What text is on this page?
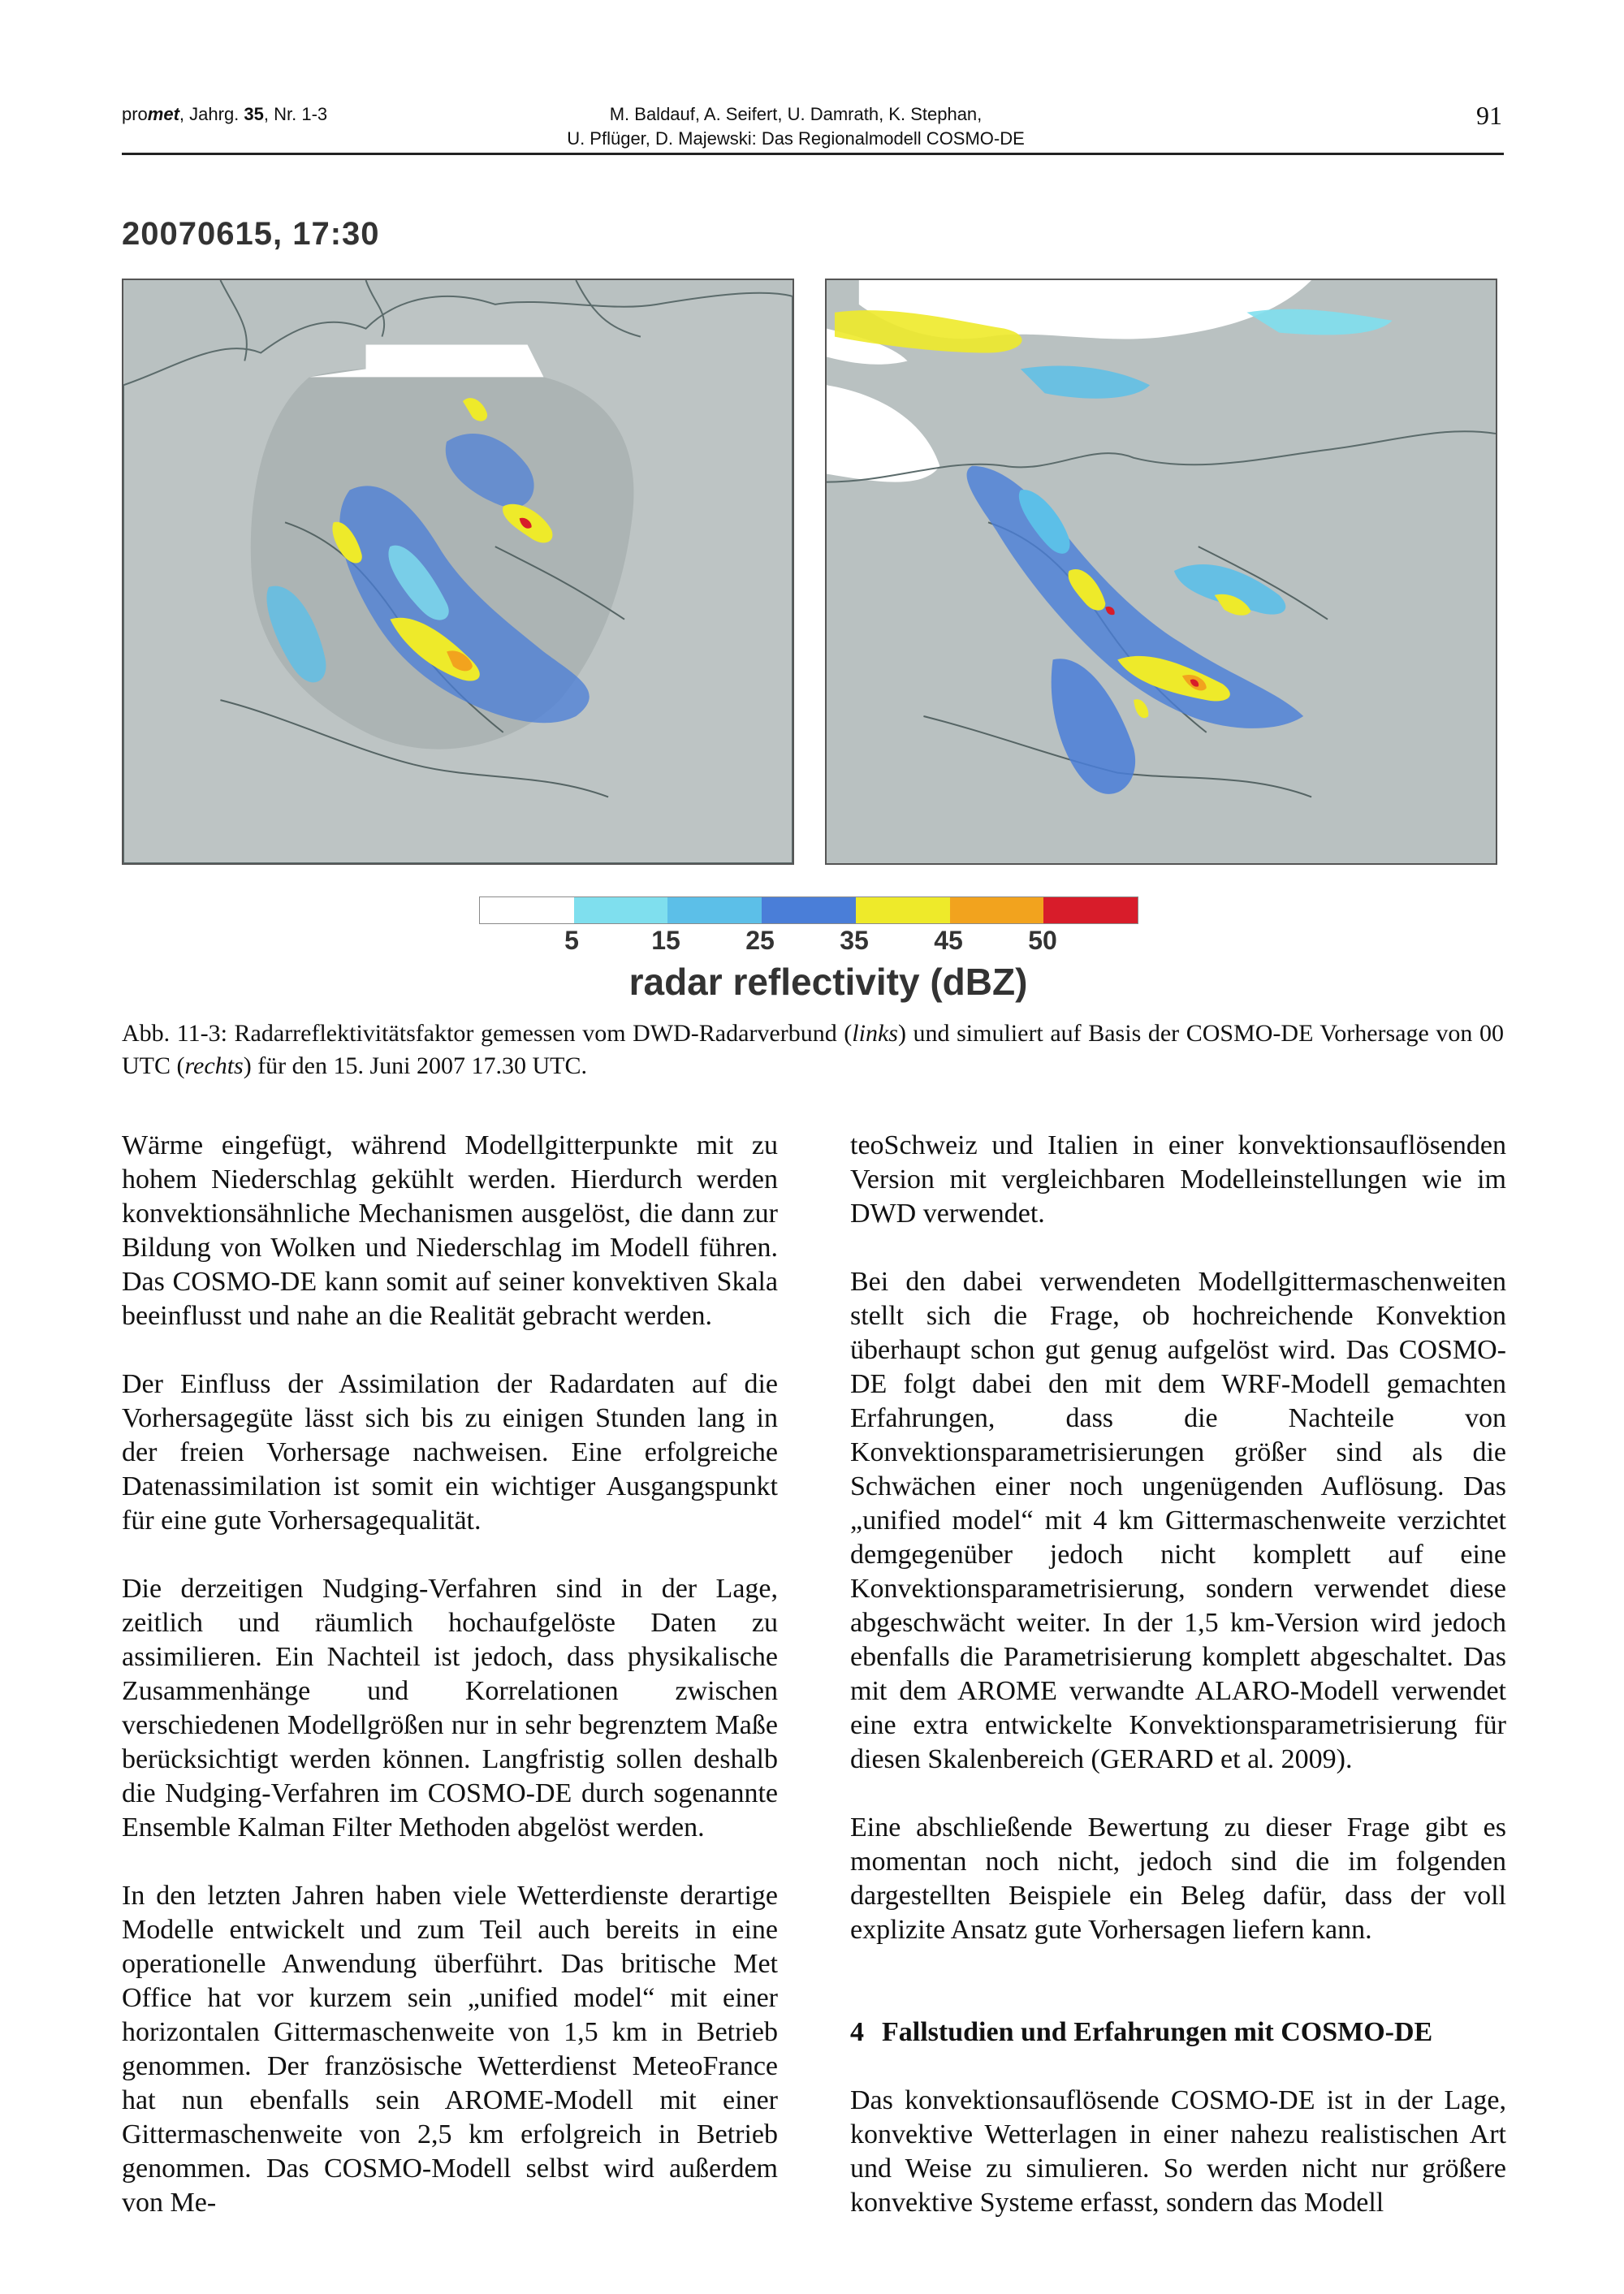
promet, Jahrg. 35, Nr. 1-3	M. Baldauf, A. Seifert, U. Damrath, K. Stephan,
U. Pflüger, D. Majewski: Das Regionalmodell COSMO-DE
91
20070615, 17:30
5	15	25	35	45	50
radar reflectivity (dBZ)
Abb. 11-3: Radarreflektivitätsfaktor gemessen vom DWD-Radarverbund (links) und simuliert auf Basis der COSMO-DE Vorhersage von 00 UTC (rechts) für den 15. Juni 2007 17.30 UTC.

Wärme eingefügt, während Modellgitterpunkte mit zu hohem Niederschlag gekühlt werden. Hierdurch werden konvektionsähnliche Mechanismen ausgelöst, die dann zur Bildung von Wolken und Niederschlag im Modell führen. Das COSMO-DE kann somit auf seiner konvektiven Skala beeinflusst und nahe an die Realität gebracht werden.

Der Einfluss der Assimilation der Radardaten auf die Vorhersagegüte lässt sich bis zu einigen Stunden lang in der freien Vorhersage nachweisen. Eine erfolgreiche Datenassimilation ist somit ein wichtiger Ausgangspunkt für eine gute Vorhersagequalität.

Die derzeitigen Nudging-Verfahren sind in der Lage, zeitlich und räumlich hochaufgelöste Daten zu assimilieren. Ein Nachteil ist jedoch, dass physikalische Zusammenhänge und Korrelationen zwischen verschiedenen Modellgrößen nur in sehr begrenztem Maße berücksichtigt werden können. Langfristig sollen deshalb die Nudging-Verfahren im COSMO-DE durch sogenannte Ensemble Kalman Filter Methoden abgelöst werden.

In den letzten Jahren haben viele Wetterdienste derartige Modelle entwickelt und zum Teil auch bereits in eine operationelle Anwendung überführt. Das britische Met Office hat vor kurzem sein „unified model“ mit einer horizontalen Gittermaschenweite von 1,5 km in Betrieb genommen. Der französische Wetterdienst MeteoFrance hat nun ebenfalls sein AROME-Modell mit einer Gittermaschenweite von 2,5 km erfolgreich in Betrieb genommen. Das COSMO-Modell selbst wird außerdem von Me-

teoSchweiz und Italien in einer konvektionsauflösenden Version mit vergleichbaren Modelleinstellungen wie im DWD verwendet.

Bei den dabei verwendeten Modellgittermaschenweiten stellt sich die Frage, ob hochreichende Konvektion überhaupt schon gut genug aufgelöst wird. Das COSMO-DE folgt dabei den mit dem WRF-Modell gemachten Erfahrungen, dass die Nachteile von Konvektionsparametrisierungen größer sind als die Schwächen einer noch ungenügenden Auflösung. Das „unified model“ mit 4 km Gittermaschenweite verzichtet demgegenüber jedoch nicht komplett auf eine Konvektionsparametrisierung, sondern verwendet diese abgeschwächt weiter. In der 1,5 km-Version wird jedoch ebenfalls die Parametrisierung komplett abgeschaltet. Das mit dem AROME verwandte ALARO-Modell verwendet eine extra entwickelte Konvektionsparametrisierung für diesen Skalenbereich (GERARD et al. 2009).

Eine abschließende Bewertung zu dieser Frage gibt es momentan noch nicht, jedoch sind die im folgenden dargestellten Beispiele ein Beleg dafür, dass der voll explizite Ansatz gute Vorhersagen liefern kann.

4 Fallstudien und Erfahrungen mit COSMO-DE

Das konvektionsauflösende COSMO-DE ist in der Lage, konvektive Wetterlagen in einer nahezu realistischen Art und Weise zu simulieren. So werden nicht nur größere konvektive Systeme erfasst, sondern das Modell
